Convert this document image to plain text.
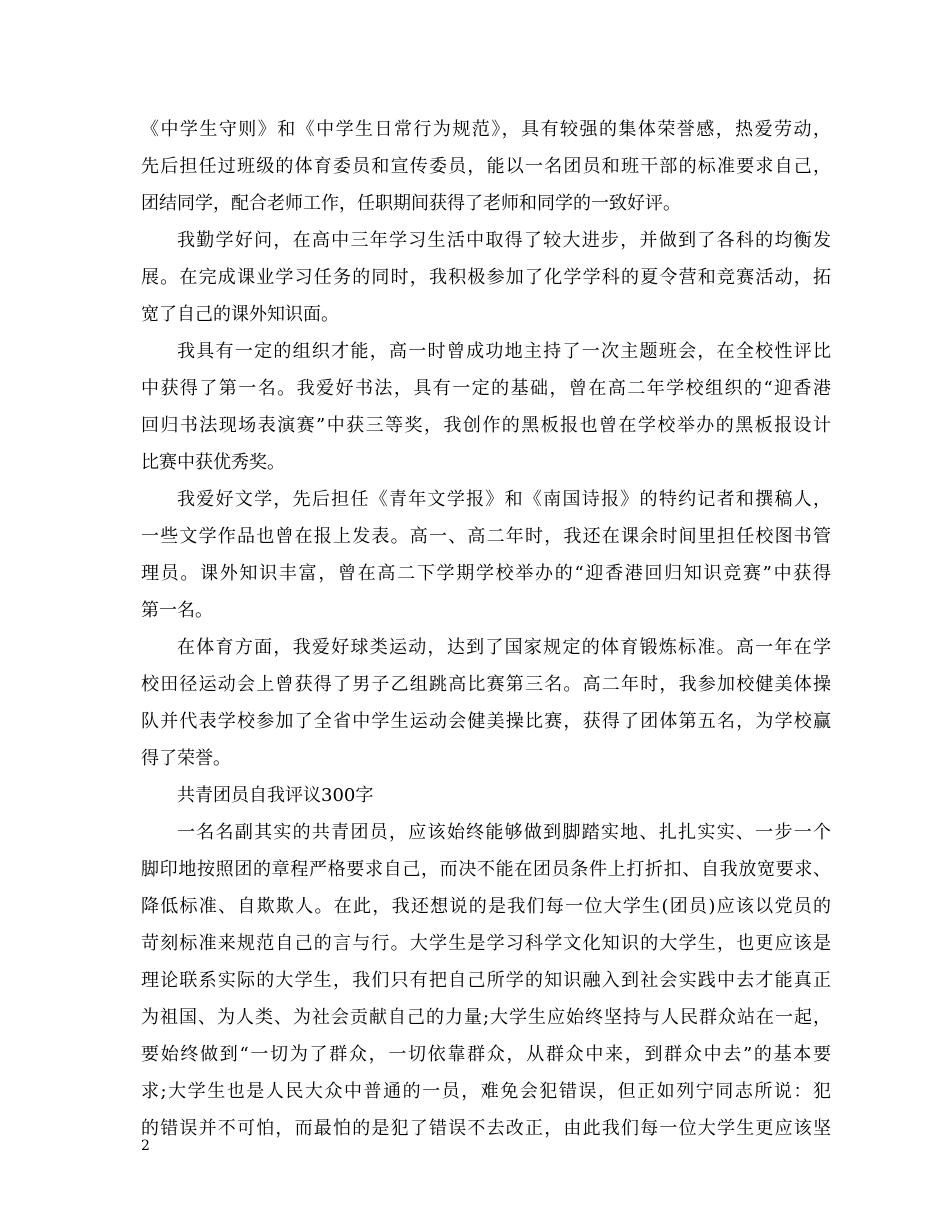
《中学生守则》和《中学生日常行为规范》，具有较强的集体荣誉感，热爱劳动，
先后担任过班级的体育委员和宣传委员，能以一名团员和班干部的标准要求自己，
团结同学，配合老师工作，任职期间获得了老师和同学的一致好评。
我勤学好问，在高中三年学习生活中取得了较大进步，并做到了各科的均衡发
展。在完成课业学习任务的同时，我积极参加了化学学科的夏令营和竞赛活动，拓
宽了自己的课外知识面。
我具有一定的组织才能，高一时曾成功地主持了一次主题班会，在全校性评比
中获得了第一名。我爱好书法，具有一定的基础，曾在高二年学校组织的“迎香港
回归书法现场表演赛”中获三等奖，我创作的黑板报也曾在学校举办的黑板报设计
比赛中获优秀奖。
我爱好文学，先后担任《青年文学报》和《南国诗报》的特约记者和撰稿人，
一些文学作品也曾在报上发表。高一、高二年时，我还在课余时间里担任校图书管
理员。课外知识丰富，曾在高二下学期学校举办的“迎香港回归知识竞赛”中获得
第一名。
在体育方面，我爱好球类运动，达到了国家规定的体育锻炼标准。高一年在学
校田径运动会上曾获得了男子乙组跳高比赛第三名。高二年时，我参加校健美体操
队并代表学校参加了全省中学生运动会健美操比赛，获得了团体第五名，为学校赢
得了荣誉。
共青团员自我评议300字
一名名副其实的共青团员，应该始终能够做到脚踏实地、扎扎实实、一步一个
脚印地按照团的章程严格要求自己，而决不能在团员条件上打折扣、自我放宽要求、
降低标准、自欺欺人。在此，我还想说的是我们每一位大学生(团员)应该以党员的
苛刻标准来规范自己的言与行。大学生是学习科学文化知识的大学生，也更应该是
理论联系实际的大学生，我们只有把自己所学的知识融入到社会实践中去才能真正
为祖国、为人类、为社会贡献自己的力量;大学生应始终坚持与人民群众站在一起，
要始终做到“一切为了群众，一切依靠群众，从群众中来，到群众中去”的基本要
求;大学生也是人民大众中普通的一员，难免会犯错误，但正如列宁同志所说：犯
的错误并不可怕，而最怕的是犯了错误不去改正，由此我们每一位大学生更应该坚
2
